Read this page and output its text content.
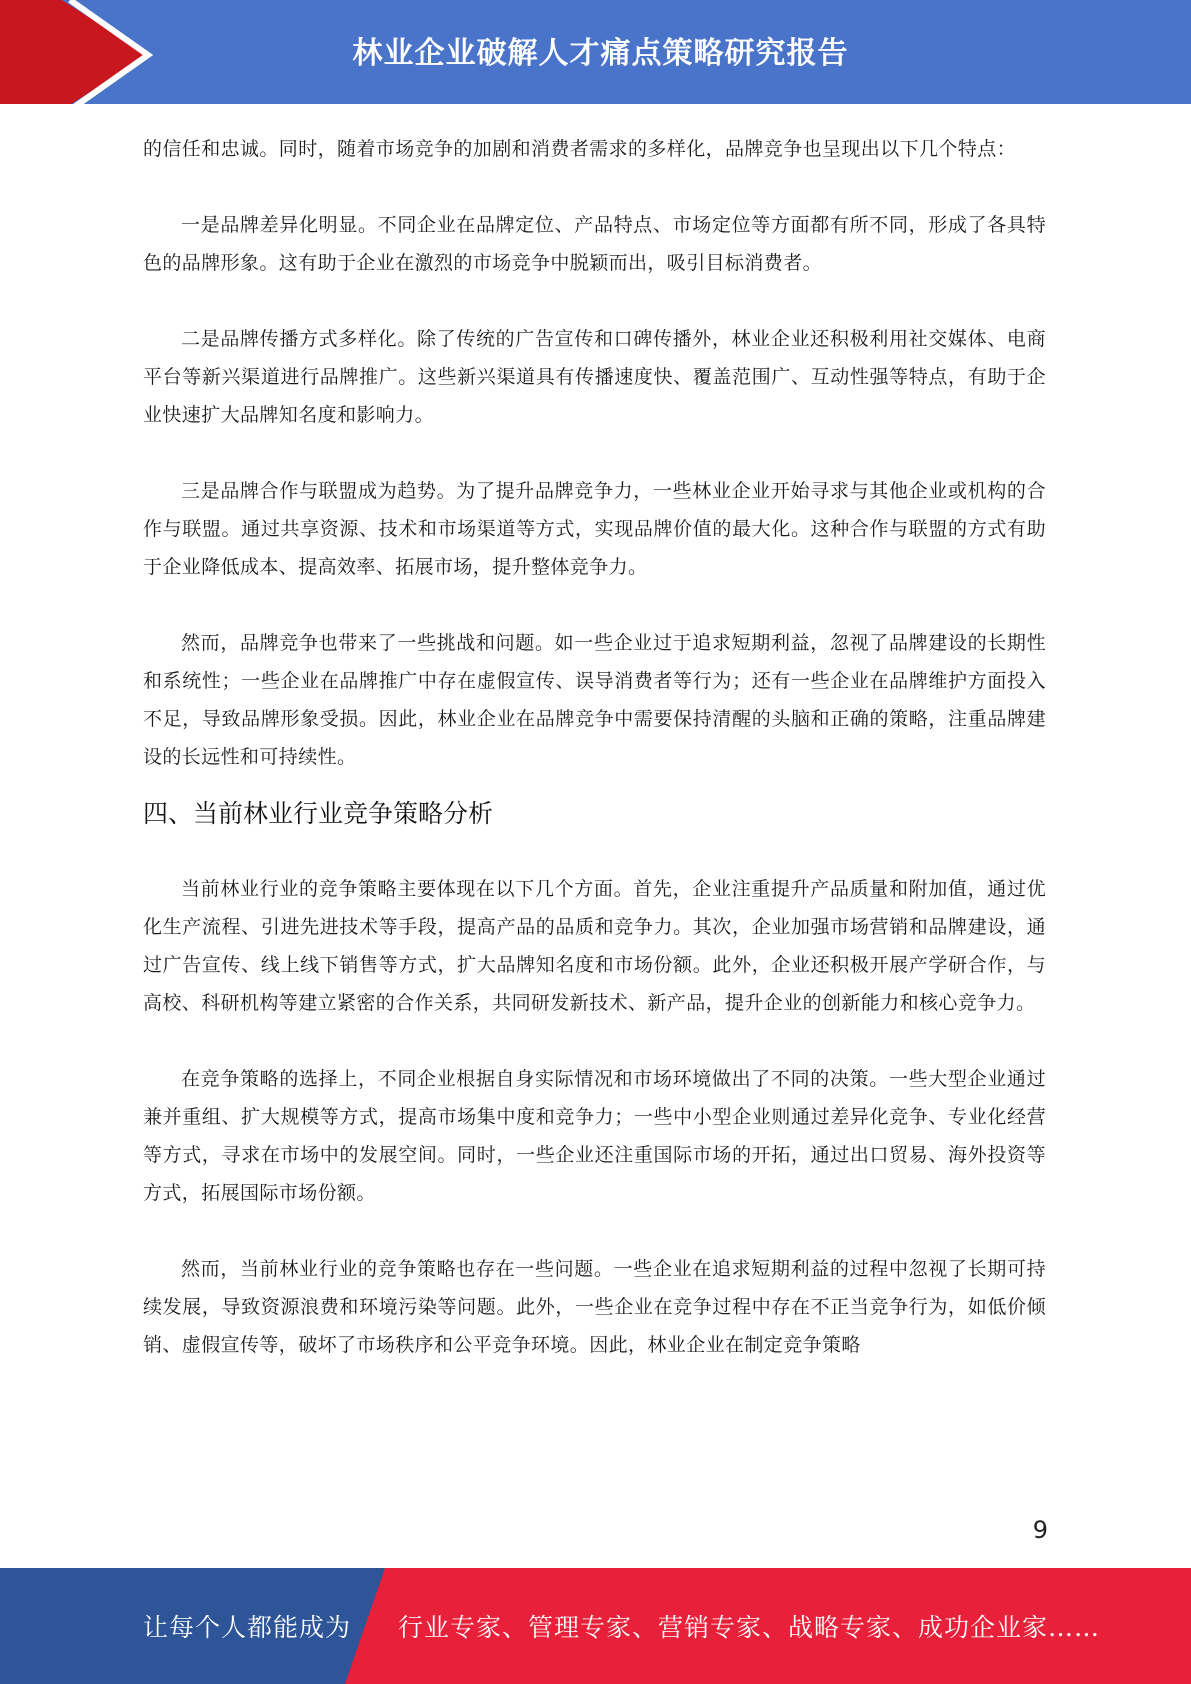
林业企业破解人才痛点策略研究报告

的信任和忠诚。同时，随着市场竞争的加剧和消费者需求的多样化，品牌竞争也呈现出以下几个特点：

一是品牌差异化明显。不同企业在品牌定位、产品特点、市场定位等方面都有所不同，形成了各具特色的品牌形象。这有助于企业在激烈的市场竞争中脱颖而出，吸引目标消费者。

二是品牌传播方式多样化。除了传统的广告宣传和口碑传播外，林业企业还积极利用社交媒体、电商平台等新兴渠道进行品牌推广。这些新兴渠道具有传播速度快、覆盖范围广、互动性强等特点，有助于企业快速扩大品牌知名度和影响力。

三是品牌合作与联盟成为趋势。为了提升品牌竞争力，一些林业企业开始寻求与其他企业或机构的合作与联盟。通过共享资源、技术和市场渠道等方式，实现品牌价值的最大化。这种合作与联盟的方式有助于企业降低成本、提高效率、拓展市场，提升整体竞争力。

然而，品牌竞争也带来了一些挑战和问题。如一些企业过于追求短期利益，忽视了品牌建设的长期性和系统性；一些企业在品牌推广中存在虚假宣传、误导消费者等行为；还有一些企业在品牌维护方面投入不足，导致品牌形象受损。因此，林业企业在品牌竞争中需要保持清醒的头脑和正确的策略，注重品牌建设的长远性和可持续性。

四、当前林业行业竞争策略分析

当前林业行业的竞争策略主要体现在以下几个方面。首先，企业注重提升产品质量和附加值，通过优化生产流程、引进先进技术等手段，提高产品的品质和竞争力。其次，企业加强市场营销和品牌建设，通过广告宣传、线上线下销售等方式，扩大品牌知名度和市场份额。此外，企业还积极开展产学研合作，与高校、科研机构等建立紧密的合作关系，共同研发新技术、新产品，提升企业的创新能力和核心竞争力。

在竞争策略的选择上，不同企业根据自身实际情况和市场环境做出了不同的决策。一些大型企业通过兼并重组、扩大规模等方式，提高市场集中度和竞争力；一些中小型企业则通过差异化竞争、专业化经营等方式，寻求在市场中的发展空间。同时，一些企业还注重国际市场的开拓，通过出口贸易、海外投资等方式，拓展国际市场份额。

然而，当前林业行业的竞争策略也存在一些问题。一些企业在追求短期利益的过程中忽视了长期可持续发展，导致资源浪费和环境污染等问题。此外，一些企业在竞争过程中存在不正当竞争行为，如低价倾销、虚假宣传等，破坏了市场秩序和公平竞争环境。因此，林业企业在制定竞争策略

9
让每个人都能成为 行业专家、管理专家、营销专家、战略专家、成功企业家……
